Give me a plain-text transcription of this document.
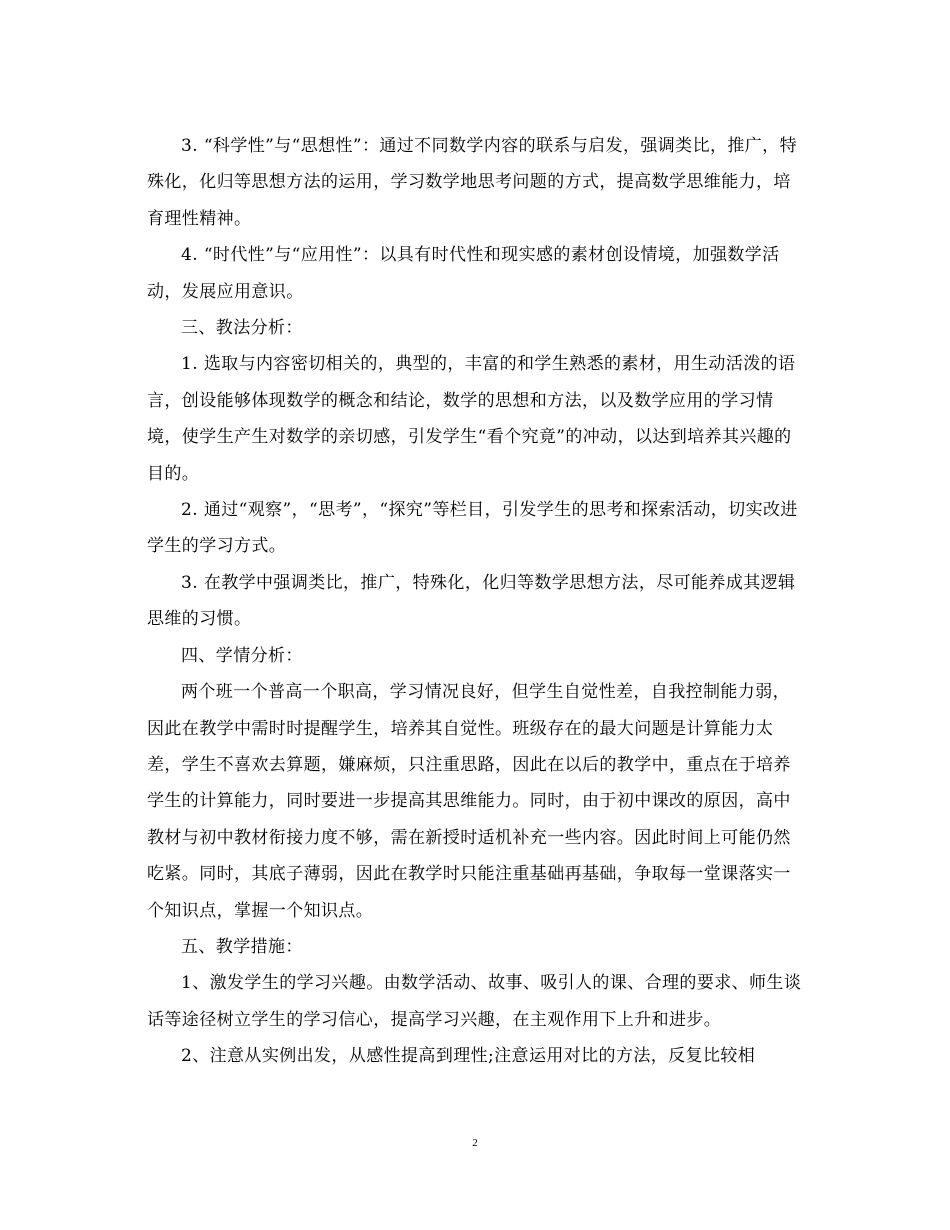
3. “科学性”与“思想性”：通过不同数学内容的联系与启发，强调类比，推广，特殊化，化归等思想方法的运用，学习数学地思考问题的方式，提高数学思维能力，培育理性精神。

4. “时代性”与“应用性”：以具有时代性和现实感的素材创设情境，加强数学活动，发展应用意识。

三、教法分析：

1. 选取与内容密切相关的，典型的，丰富的和学生熟悉的素材，用生动活泼的语言，创设能够体现数学的概念和结论，数学的思想和方法，以及数学应用的学习情境，使学生产生对数学的亲切感，引发学生“看个究竟”的冲动，以达到培养其兴趣的目的。

2. 通过“观察”，“思考”，“探究”等栏目，引发学生的思考和探索活动，切实改进学生的学习方式。

3. 在教学中强调类比，推广，特殊化，化归等数学思想方法，尽可能养成其逻辑思维的习惯。

四、学情分析：

两个班一个普高一个职高，学习情况良好，但学生自觉性差，自我控制能力弱，因此在教学中需时时提醒学生，培养其自觉性。班级存在的最大问题是计算能力太差，学生不喜欢去算题，嫌麻烦，只注重思路，因此在以后的教学中，重点在于培养学生的计算能力，同时要进一步提高其思维能力。同时，由于初中课改的原因，高中教材与初中教材衔接力度不够，需在新授时适机补充一些内容。因此时间上可能仍然吃紧。同时，其底子薄弱，因此在教学时只能注重基础再基础，争取每一堂课落实一个知识点，掌握一个知识点。

五、教学措施：

1、激发学生的学习兴趣。由数学活动、故事、吸引人的课、合理的要求、师生谈话等途径树立学生的学习信心，提高学习兴趣，在主观作用下上升和进步。

2、注意从实例出发，从感性提高到理性;注意运用对比的方法，反复比较相

2
